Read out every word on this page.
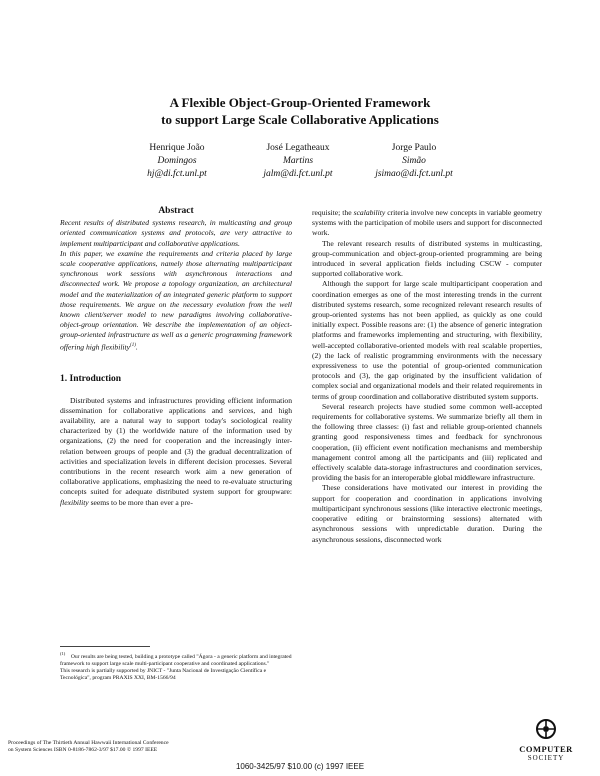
A Flexible Object-Group-Oriented Framework
to support Large Scale Collaborative Applications
Henrique João
Domingos
hj@di.fct.unl.pt
José Legatheaux
Martins
jalm@di.fct.unl.pt
Jorge Paulo
Simão
jsimao@di.fct.unl.pt
Abstract

Recent results of distributed systems research, in multicasting and group oriented communication systems and protocols, are very attractive to implement multiparticipant and collaborative applications.

In this paper, we examine the requirements and criteria placed by large scale cooperative applications, namely those alternating multiparticipant synchronous work sessions with asynchronous interactions and disconnected work. We propose a topology organization, an architectural model and the materialization of an integrated generic platform to support those requirements. We argue on the necessary evolution from the well known client/server model to new paradigms involving collaborative-object-group orientation. We describe the implementation of an object-group-oriented infrastructure as well as a generic programming framework offering high flexibility$^{(1)}$.

1. Introduction

Distributed systems and infrastructures providing efficient information dissemination for collaborative applications and services, and high availability, are a natural way to support today's sociological reality characterized by (1) the worldwide nature of the information used by organizations, (2) the need for cooperation and the increasingly inter-relation between groups of people and (3) the gradual decentralization of activities and specialization levels in different decision processes. Several contributions in the recent research work aim a new generation of collaborative applications, emphasizing the need to re-evaluate structuring concepts suited for adequate distributed system support for groupware: flexibility seems to be more than ever a pre-

$^{(1)}$    Our results are being tested, building a prototype called "Ágora - a generic platform and integrated framework to support large scale multi-participant cooperative and coordinated applications."
This research is partially supported by JNICT - "Junta Nacional de Investigação Científica e Tecnológica", program PRAXIS XXI, BM-1566/94

requisite; the scalability criteria involve new concepts in variable geometry systems with the participation of mobile users and support for disconnected work.

The relevant research results of distributed systems in multicasting, group-communication and object-group-oriented programming are being introduced in several application fields including CSCW - computer supported collaborative work.

Although the support for large scale multiparticipant cooperation and coordination emerges as one of the most interesting trends in the current distributed systems research, some recognized relevant research results of group-oriented systems has not been applied, as quickly as one could initially expect. Possible reasons are: (1) the absence of generic integration platforms and frameworks implementing and structuring, with flexibility, well-accepted collaborative-oriented models with real scalable properties, (2) the lack of realistic programming environments with the necessary expressiveness to use the potential of group-oriented communication protocols and (3), the gap originated by the insufficient validation of complex social and organizational models and their related requirements in terms of group coordination and collaborative distributed system supports.

Several research projects have studied some common well-accepted requirements for collaborative systems. We summarize briefly all them in the following three classes: (i) fast and reliable group-oriented channels granting good responsiveness times and feedback for synchronous cooperation, (ii) efficient event notification mechanisms and membership management control among all the participants and (iii) replicated and effectively scalable data-storage infrastructures and coordination services, providing the basis for an interoperable global middleware infrastructure.

These considerations have motivated our interest in providing the support for cooperation and coordination in applications involving multiparticipant synchronous sessions (like interactive electronic meetings, cooperative editing or brainstorming sessions) alternated with asynchronous sessions with unpredictable duration. During the asynchronous sessions, disconnected work

Proceedings of The Thirtieth Annual Hawwaii International Conference
on System Sciences ISBN 0-8186-7862-3/97 $17.00 © 1997 IEEE
1060-3425/97 $10.00 (c) 1997 IEEE
COMPUTER
SOCIETY
